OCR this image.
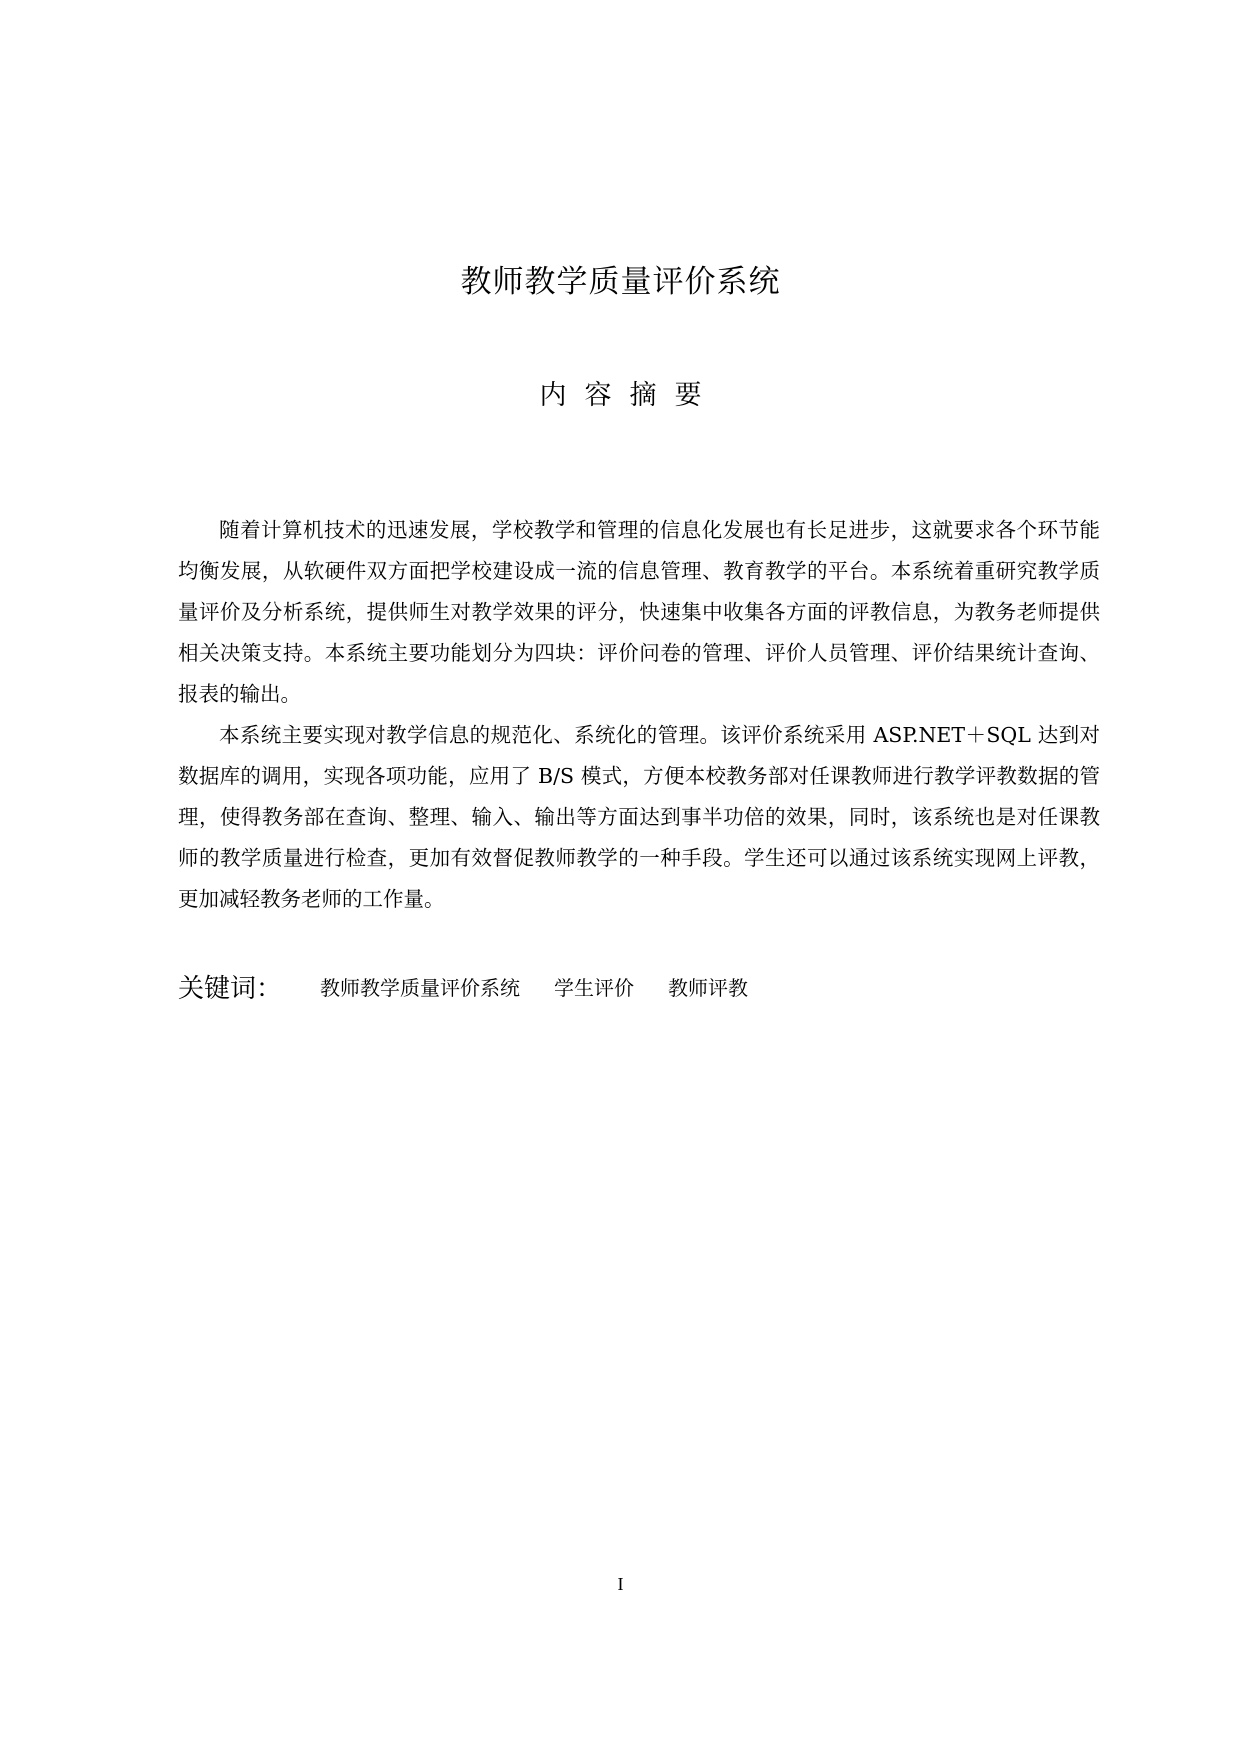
教师教学质量评价系统
内容摘要

随着计算机技术的迅速发展，学校教学和管理的信息化发展也有长足进步，这就要求各个环节能均衡发展，从软硬件双方面把学校建设成一流的信息管理、教育教学的平台。本系统着重研究教学质量评价及分析系统，提供师生对教学效果的评分，快速集中收集各方面的评教信息，为教务老师提供相关决策支持。本系统主要功能划分为四块：评价问卷的管理、评价人员管理、评价结果统计查询、报表的输出。

本系统主要实现对教学信息的规范化、系统化的管理。该评价系统采用 ASP.NET＋SQL 达到对数据库的调用，实现各项功能，应用了 B/S 模式，方便本校教务部对任课教师进行教学评教数据的管理，使得教务部在查询、整理、输入、输出等方面达到事半功倍的效果，同时，该系统也是对任课教师的教学质量进行检查，更加有效督促教师教学的一种手段。学生还可以通过该系统实现网上评教，更加减轻教务老师的工作量。

关键词：	教师教学质量评价系统 学生评价 教师评教
I
